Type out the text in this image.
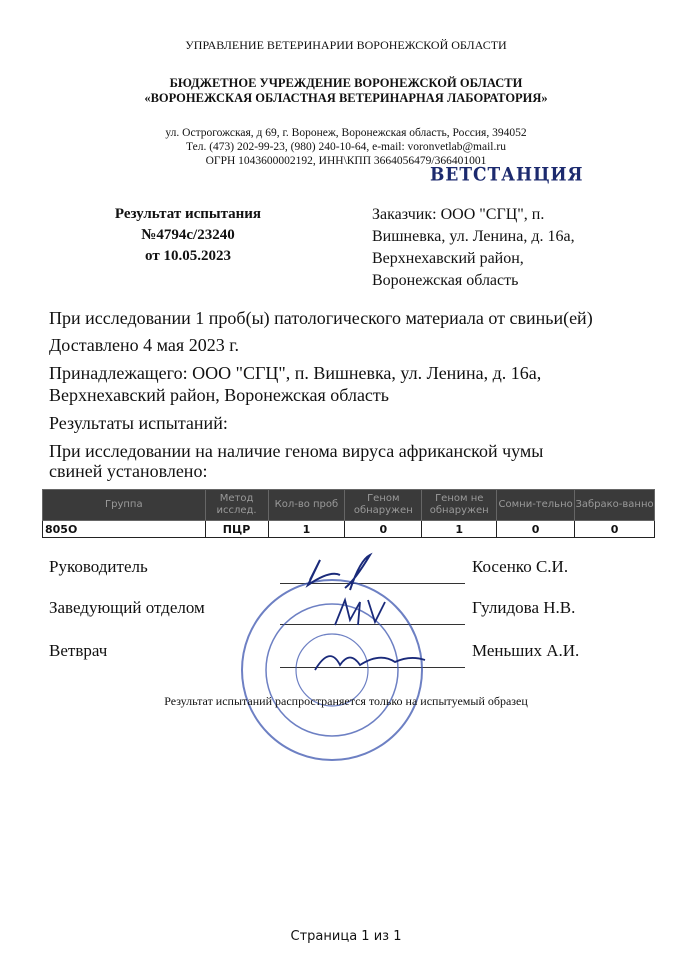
УПРАВЛЕНИЕ ВЕТЕРИНАРИИ ВОРОНЕЖСКОЙ ОБЛАСТИ
БЮДЖЕТНОЕ УЧРЕЖДЕНИЕ ВОРОНЕЖСКОЙ ОБЛАСТИ
«ВОРОНЕЖСКАЯ ОБЛАСТНАЯ ВЕТЕРИНАРНАЯ ЛАБОРАТОРИЯ»
ул. Острогожская, д 69, г. Воронеж, Воронежская область, Россия, 394052
Тел. (473) 202-99-23, (980) 240-10-64, e-mail: voronvetlab@mail.ru
ОГРН 1043600002192, ИНН\КПП 3664056479/366401001
ВЕТСТАНЦИЯ
Результат испытания
№4794с/23240
от 10.05.2023
Заказчик: ООО "СГЦ", п.
Вишневка, ул. Ленина, д. 16а,
Верхнехавский район,
Воронежская область
При исследовании 1 проб(ы) патологического материала от свиньи(ей)
Доставлено 4 мая 2023 г.
Принадлежащего: ООО "СГЦ", п. Вишневка, ул. Ленина, д. 16а,
Верхнехавский район, Воронежская область
Результаты испытаний:
При исследовании на наличие генома вируса африканской чумы
свиней установлено:
Группа	Метод исслед.	Кол-во проб	Геном обнаружен	Геном не обнаружен	Сомни-тельно	Забрако-ванно
805О	ПЦР	1	0	1	0	0
Руководитель	Косенко С.И.
Заведующий отделом	Гулидова Н.В.
Ветврач	Меньших А.И.
Результат испытаний распространяется только на испытуемый образец
Страница 1 из 1
